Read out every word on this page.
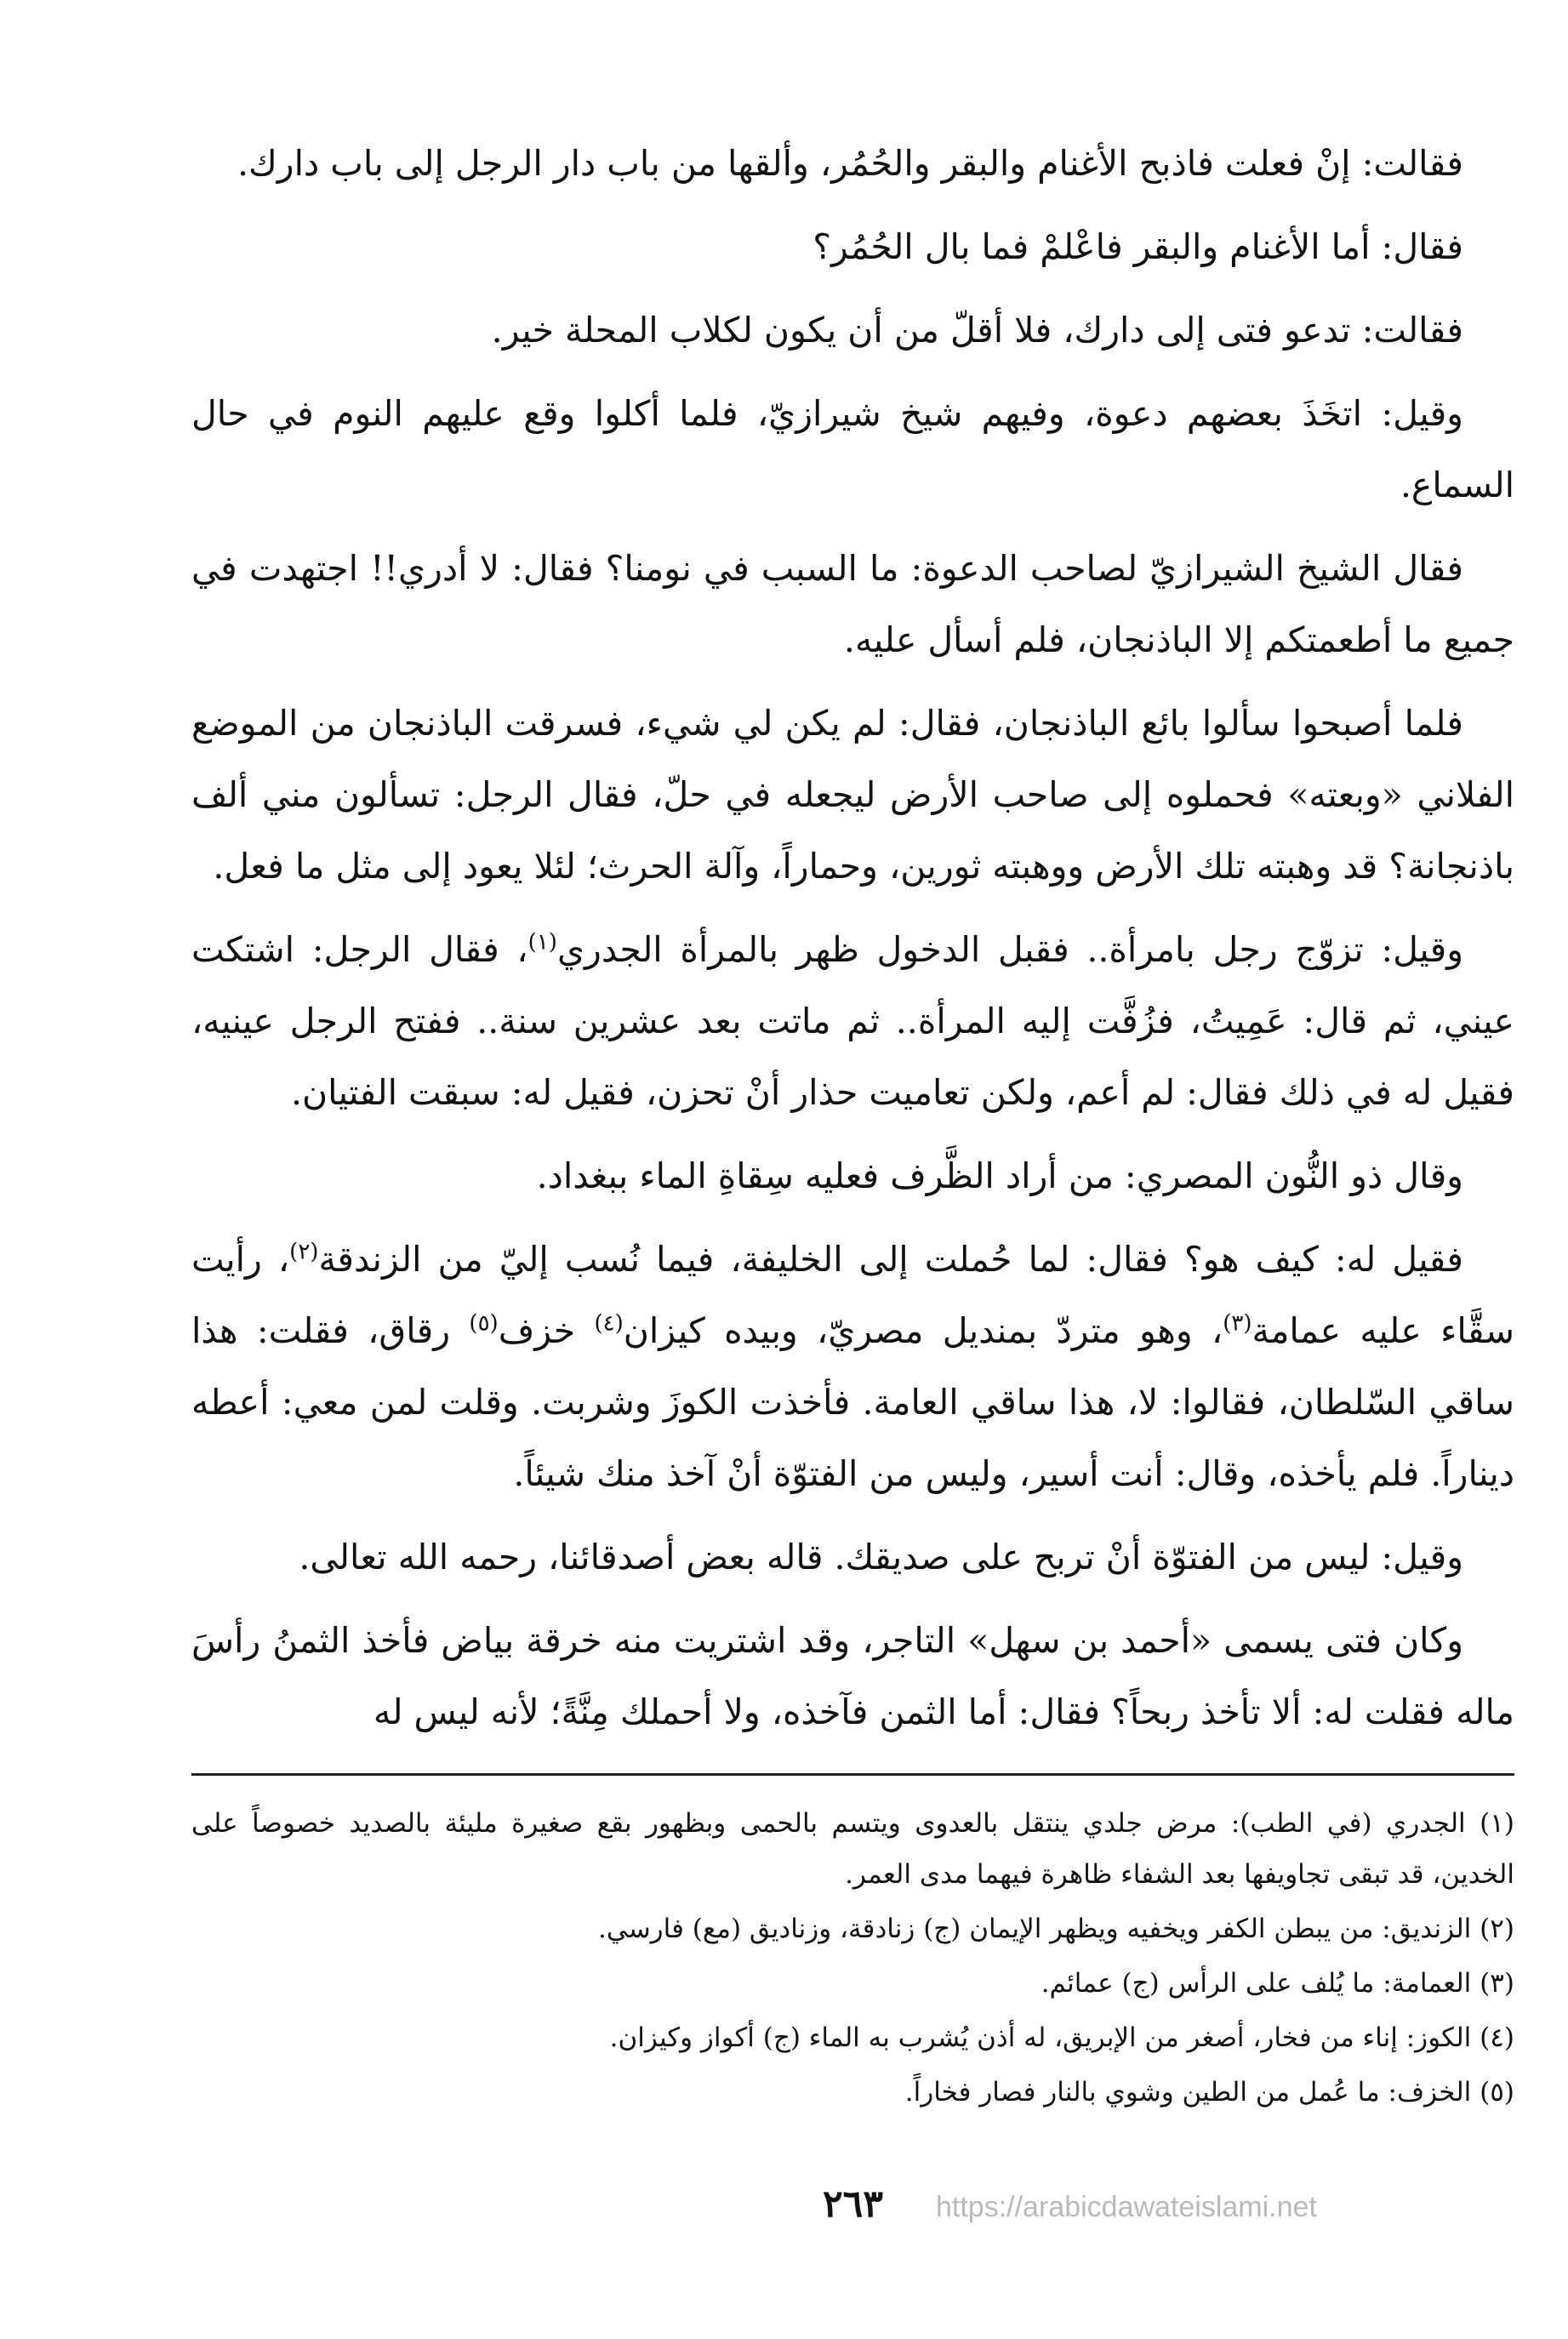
فقالت: إنْ فعلت فاذبح الأغنام والبقر والحُمُر، وألقها من باب دار الرجل إلى باب دارك.

فقال: أما الأغنام والبقر فاعْلمْ فما بال الحُمُر؟

فقالت: تدعو فتى إلى دارك، فلا أقلّ من أن يكون لكلاب المحلة خير.

وقيل: اتخَذَ بعضهم دعوة، وفيهم شيخ شيرازيّ، فلما أكلوا وقع عليهم النوم في حال السماع.

فقال الشيخ الشيرازيّ لصاحب الدعوة: ما السبب في نومنا؟ فقال: لا أدري!! اجتهدت في جميع ما أطعمتكم إلا الباذنجان، فلم أسأل عليه.

فلما أصبحوا سألوا بائع الباذنجان، فقال: لم يكن لي شيء، فسرقت الباذنجان من الموضع الفلاني «وبعته» فحملوه إلى صاحب الأرض ليجعله في حلّ، فقال الرجل: تسألون مني ألف باذنجانة؟ قد وهبته تلك الأرض ووهبته ثورين، وحماراً، وآلة الحرث؛ لئلا يعود إلى مثل ما فعل.

وقيل: تزوّج رجل بامرأة.. فقبل الدخول ظهر بالمرأة الجدري$^{(١)}$، فقال الرجل: اشتكت عيني، ثم قال: عَمِيتُ، فزُفَّت إليه المرأة.. ثم ماتت بعد عشرين سنة.. ففتح الرجل عينيه، فقيل له في ذلك فقال: لم أعم، ولكن تعاميت حذار أنْ تحزن، فقيل له: سبقت الفتيان.

وقال ذو النُّون المصري: من أراد الظَّرف فعليه سِقاةِ الماء ببغداد.

فقيل له: كيف هو؟ فقال: لما حُملت إلى الخليفة، فيما نُسب إليّ من الزندقة$^{(٢)}$، رأيت سقَّاء عليه عمامة$^{(٣)}$، وهو متردّ بمنديل مصريّ، وبيده كيزان$^{(٤)}$ خزف$^{(٥)}$ رقاق، فقلت: هذا ساقي السّلطان، فقالوا: لا، هذا ساقي العامة. فأخذت الكوزَ وشربت. وقلت لمن معي: أعطه ديناراً. فلم يأخذه، وقال: أنت أسير، وليس من الفتوّة أنْ آخذ منك شيئاً.

وقيل: ليس من الفتوّة أنْ تربح على صديقك. قاله بعض أصدقائنا، رحمه الله تعالى.

وكان فتى يسمى «أحمد بن سهل» التاجر، وقد اشتريت منه خرقة بياض فأخذ الثمنُ رأسَ ماله فقلت له: ألا تأخذ ربحاً؟ فقال: أما الثمن فآخذه، ولا أحملك مِنَّةً؛ لأنه ليس له

(١) الجدري (في الطب): مرض جلدي ينتقل بالعدوى ويتسم بالحمى وبظهور بقع صغيرة مليئة بالصديد خصوصاً على الخدين، قد تبقى تجاويفها بعد الشفاء ظاهرة فيهما مدى العمر.

(٢) الزنديق: من يبطن الكفر ويخفيه ويظهر الإيمان (ج) زنادقة، وزناديق (مع) فارسي.

(٣) العمامة: ما يُلف على الرأس (ج) عمائم.

(٤) الكوز: إناء من فخار، أصغر من الإبريق، له أذن يُشرب به الماء (ج) أكواز وكيزان.

(٥) الخزف: ما عُمل من الطين وشوي بالنار فصار فخاراً.

٢٦٣	https://arabicdawateislami.net
